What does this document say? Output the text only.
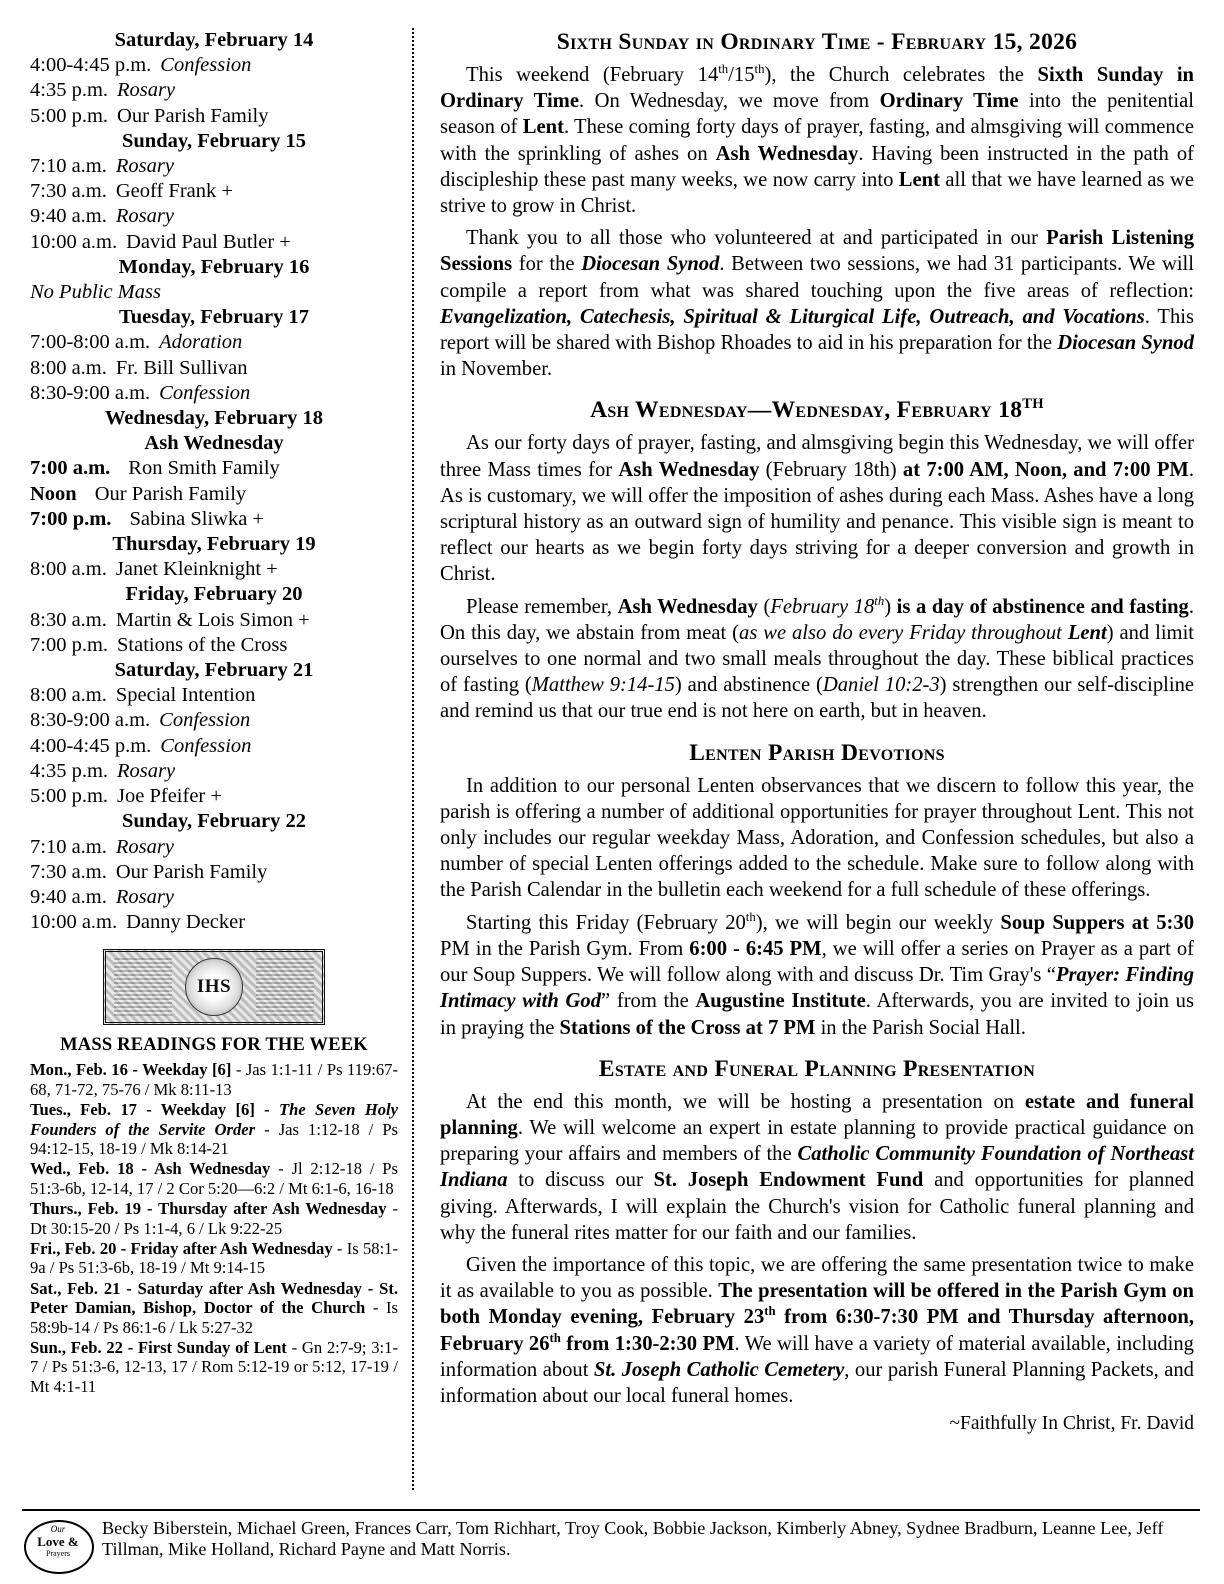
Saturday, February 14
4:00-4:45 p.m. Confession
4:35 p.m. Rosary
5:00 p.m. Our Parish Family
Sunday, February 15
7:10 a.m. Rosary
7:30 a.m. Geoff Frank +
9:40 a.m. Rosary
10:00 a.m. David Paul Butler +
Monday, February 16
No Public Mass
Tuesday, February 17
7:00-8:00 a.m. Adoration
8:00 a.m. Fr. Bill Sullivan
8:30-9:00 a.m. Confession
Wednesday, February 18
Ash Wednesday
7:00 a.m. Ron Smith Family
Noon Our Parish Family
7:00 p.m. Sabina Sliwka +
Thursday, February 19
8:00 a.m. Janet Kleinknight +
Friday, February 20
8:30 a.m. Martin & Lois Simon +
7:00 p.m. Stations of the Cross
Saturday, February 21
8:00 a.m. Special Intention
8:30-9:00 a.m. Confession
4:00-4:45 p.m. Confession
4:35 p.m. Rosary
5:00 p.m. Joe Pfeifer +
Sunday, February 22
7:10 a.m. Rosary
7:30 a.m. Our Parish Family
9:40 a.m. Rosary
10:00 a.m. Danny Decker
IHS
MASS READINGS FOR THE WEEK

Mon., Feb. 16 - Weekday [6] - Jas 1:1-11 / Ps 119:67-68, 71-72, 75-76 / Mk 8:11-13

Tues., Feb. 17 - Weekday [6] - The Seven Holy Founders of the Servite Order - Jas 1:12-18 / Ps 94:12-15, 18-19 / Mk 8:14-21

Wed., Feb. 18 - Ash Wednesday - Jl 2:12-18 / Ps 51:3-6b, 12-14, 17 / 2 Cor 5:20—6:2 / Mt 6:1-6, 16-18

Thurs., Feb. 19 - Thursday after Ash Wednesday - Dt 30:15-20 / Ps 1:1-4, 6 / Lk 9:22-25

Fri., Feb. 20 - Friday after Ash Wednesday - Is 58:1-9a / Ps 51:3-6b, 18-19 / Mt 9:14-15

Sat., Feb. 21 - Saturday after Ash Wednesday - St. Peter Damian, Bishop, Doctor of the Church - Is 58:9b-14 / Ps 86:1-6 / Lk 5:27-32

Sun., Feb. 22 - First Sunday of Lent - Gn 2:7-9; 3:1-7 / Ps 51:3-6, 12-13, 17 / Rom 5:12-19 or 5:12, 17-19 / Mt 4:1-11

Sixth Sunday in Ordinary Time - February 15, 2026

This weekend (February 14th/15th), the Church celebrates the Sixth Sunday in Ordinary Time. On Wednesday, we move from Ordinary Time into the penitential season of Lent. These coming forty days of prayer, fasting, and almsgiving will commence with the sprinkling of ashes on Ash Wednesday. Having been instructed in the path of discipleship these past many weeks, we now carry into Lent all that we have learned as we strive to grow in Christ.

Thank you to all those who volunteered at and participated in our Parish Listening Sessions for the Diocesan Synod. Between two sessions, we had 31 participants. We will compile a report from what was shared touching upon the five areas of reflection: Evangelization, Catechesis, Spiritual & Liturgical Life, Outreach, and Vocations. This report will be shared with Bishop Rhoades to aid in his preparation for the Diocesan Synod in November.

Ash Wednesday—Wednesday, February 18TH

As our forty days of prayer, fasting, and almsgiving begin this Wednesday, we will offer three Mass times for Ash Wednesday (February 18th) at 7:00 AM, Noon, and 7:00 PM. As is customary, we will offer the imposition of ashes during each Mass. Ashes have a long scriptural history as an outward sign of humility and penance. This visible sign is meant to reflect our hearts as we begin forty days striving for a deeper conversion and growth in Christ.

Please remember, Ash Wednesday (February 18th) is a day of abstinence and fasting. On this day, we abstain from meat (as we also do every Friday throughout Lent) and limit ourselves to one normal and two small meals throughout the day. These biblical practices of fasting (Matthew 9:14-15) and abstinence (Daniel 10:2-3) strengthen our self-discipline and remind us that our true end is not here on earth, but in heaven.

Lenten Parish Devotions

In addition to our personal Lenten observances that we discern to follow this year, the parish is offering a number of additional opportunities for prayer throughout Lent. This not only includes our regular weekday Mass, Adoration, and Confession schedules, but also a number of special Lenten offerings added to the schedule. Make sure to follow along with the Parish Calendar in the bulletin each weekend for a full schedule of these offerings.

Starting this Friday (February 20th), we will begin our weekly Soup Suppers at 5:30 PM in the Parish Gym. From 6:00 - 6:45 PM, we will offer a series on Prayer as a part of our Soup Suppers. We will follow along with and discuss Dr. Tim Gray's “Prayer: Finding Intimacy with God” from the Augustine Institute. Afterwards, you are invited to join us in praying the Stations of the Cross at 7 PM in the Parish Social Hall.

Estate and Funeral Planning Presentation

At the end this month, we will be hosting a presentation on estate and funeral planning. We will welcome an expert in estate planning to provide practical guidance on preparing your affairs and members of the Catholic Community Foundation of Northeast Indiana to discuss our St. Joseph Endowment Fund and opportunities for planned giving. Afterwards, I will explain the Church's vision for Catholic funeral planning and why the funeral rites matter for our faith and our families.

Given the importance of this topic, we are offering the same presentation twice to make it as available to you as possible. The presentation will be offered in the Parish Gym on both Monday evening, February 23th from 6:30-7:30 PM and Thursday afternoon, February 26th from 1:30-2:30 PM. We will have a variety of material available, including information about St. Joseph Catholic Cemetery, our parish Funeral Planning Packets, and information about our local funeral homes.

~Faithfully In Christ, Fr. David
Our
Love &
Prayers
Becky Biberstein, Michael Green, Frances Carr, Tom Richhart, Troy Cook, Bobbie Jackson, Kimberly Abney, Sydnee Bradburn, Leanne Lee, Jeff Tillman, Mike Holland, Richard Payne and Matt Norris.
